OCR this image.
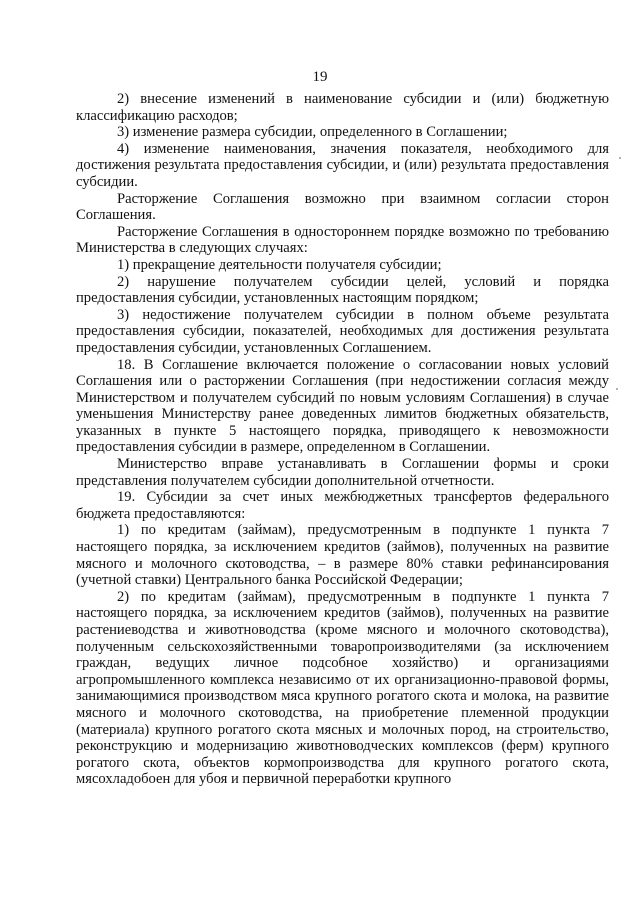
19

2) внесение изменений в наименование субсидии и (или) бюджетную классификацию расходов;

3) изменение размера субсидии, определенного в Соглашении;

4) изменение наименования, значения показателя, необходимого для достижения результата предоставления субсидии, и (или) результата предоставления субсидии.

Расторжение Соглашения возможно при взаимном согласии сторон Соглашения.

Расторжение Соглашения в одностороннем порядке возможно по требованию Министерства в следующих случаях:

1) прекращение деятельности получателя субсидии;

2) нарушение получателем субсидии целей, условий и порядка предоставления субсидии, установленных настоящим порядком;

3) недостижение получателем субсидии в полном объеме результата предоставления субсидии, показателей, необходимых для достижения результата предоставления субсидии, установленных Соглашением.

18. В Соглашение включается положение о согласовании новых условий Соглашения или о расторжении Соглашения (при недостижении согласия между Министерством и получателем субсидий по новым условиям Соглашения) в случае уменьшения Министерству ранее доведенных лимитов бюджетных обязательств, указанных в пункте 5 настоящего порядка, приводящего к невозможности предоставления субсидии в размере, определенном в Соглашении.

Министерство вправе устанавливать в Соглашении формы и сроки представления получателем субсидии дополнительной отчетности.

19. Субсидии за счет иных межбюджетных трансфертов федерального бюджета предоставляются:

1) по кредитам (займам), предусмотренным в подпункте 1 пункта 7 настоящего порядка, за исключением кредитов (займов), полученных на развитие мясного и молочного скотоводства, – в размере 80% ставки рефинансирования (учетной ставки) Центрального банка Российской Федерации;

2) по кредитам (займам), предусмотренным в подпункте 1 пункта 7 настоящего порядка, за исключением кредитов (займов), полученных на развитие растениеводства и животноводства (кроме мясного и молочного скотоводства), полученным сельскохозяйственными товаропроизводителями (за исключением граждан, ведущих личное подсобное хозяйство) и организациями агропромышленного комплекса независимо от их организационно-правовой формы, занимающимися производством мяса крупного рогатого скота и молока, на развитие мясного и молочного скотоводства, на приобретение племенной продукции (материала) крупного рогатого скота мясных и молочных пород, на строительство, реконструкцию и модернизацию животноводческих комплексов (ферм) крупного рогатого скота, объектов кормопроизводства для крупного рогатого скота, мясохладобоен для убоя и первичной переработки крупного
